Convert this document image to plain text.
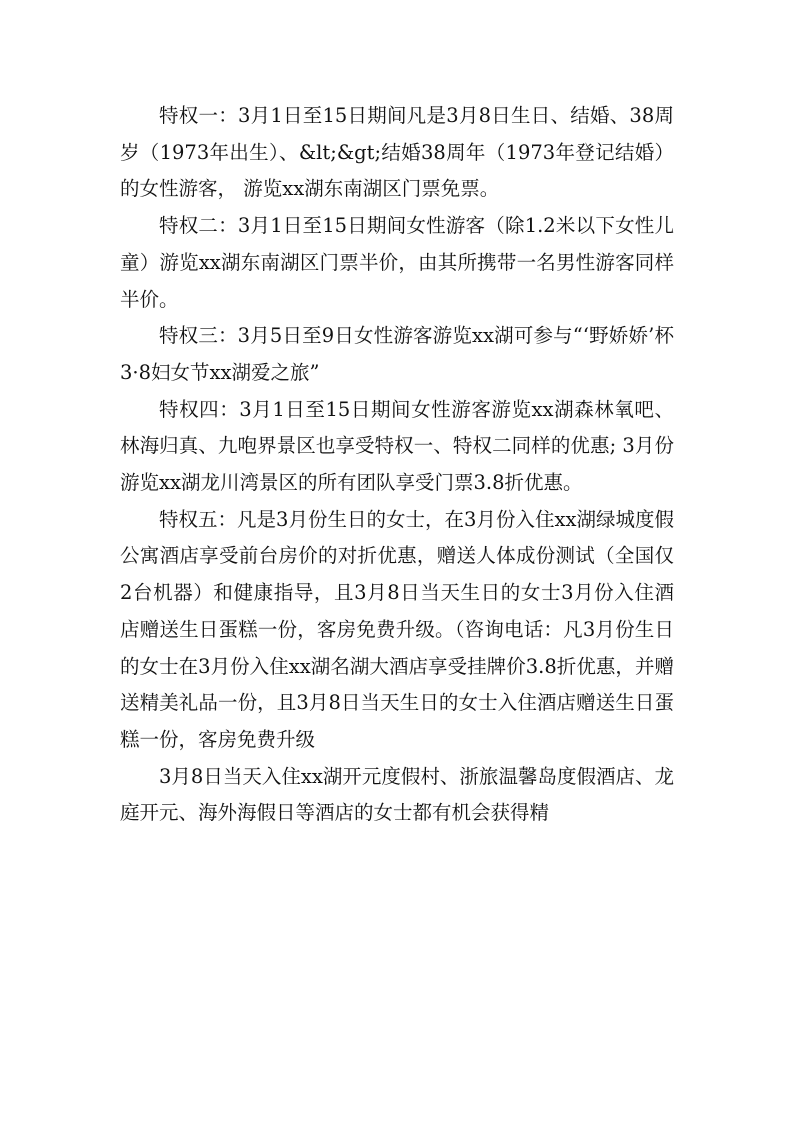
特权一：3月1日至15日期间凡是3月8日生日、结婚、38周岁（1973年出生）、&lt;&gt;结婚38周年（1973年登记结婚）的女性游客， 游览xx湖东南湖区门票免票。

特权二：3月1日至15日期间女性游客（除1.2米以下女性儿童）游览xx湖东南湖区门票半价，由其所携带一名男性游客同样半价。

特权三：3月5日至9日女性游客游览xx湖可参与“‘野娇娇’杯3·8妇女节xx湖爱之旅”

特权四：3月1日至15日期间女性游客游览xx湖森林氧吧、林海归真、九咆界景区也享受特权一、特权二同样的优惠; 3月份游览xx湖龙川湾景区的所有团队享受门票3.8折优惠。

特权五：凡是3月份生日的女士，在3月份入住xx湖绿城度假公寓酒店享受前台房价的对折优惠，赠送人体成份测试（全国仅2台机器）和健康指导，且3月8日当天生日的女士3月份入住酒店赠送生日蛋糕一份，客房免费升级。（咨询电话：凡3月份生日的女士在3月份入住xx湖名湖大酒店享受挂牌价3.8折优惠，并赠送精美礼品一份，且3月8日当天生日的女士入住酒店赠送生日蛋糕一份，客房免费升级

3月8日当天入住xx湖开元度假村、浙旅温馨岛度假酒店、龙庭开元、海外海假日等酒店的女士都有机会获得精
